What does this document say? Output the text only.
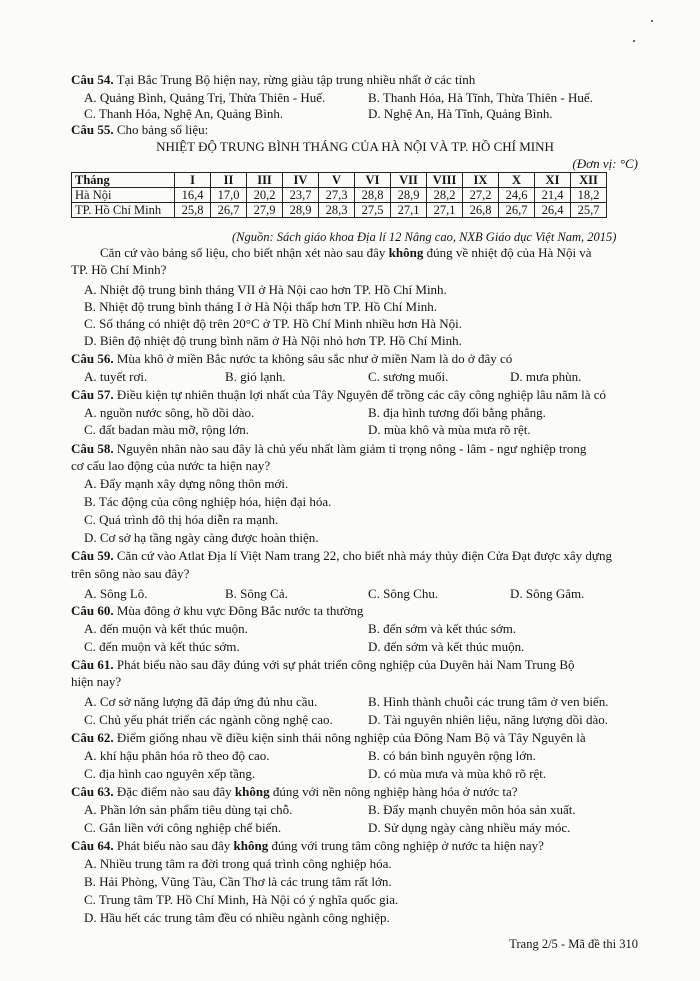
Câu 54. Tại Bắc Trung Bộ hiện nay, rừng giàu tập trung nhiều nhất ở các tỉnh
A. Quảng Bình, Quảng Trị, Thừa Thiên - Huế.	B. Thanh Hóa, Hà Tĩnh, Thừa Thiên - Huế.
C. Thanh Hóa, Nghệ An, Quảng Bình.	D. Nghệ An, Hà Tĩnh, Quảng Bình.
Câu 55. Cho bảng số liệu:
NHIỆT ĐỘ TRUNG BÌNH THÁNG CỦA HÀ NỘI VÀ TP. HỒ CHÍ MINH
(Đơn vị: °C)
Tháng	I	II	III	IV	V	VI	VII	VIII	IX	X	XI	XII
Hà Nội	16,4	17,0	20,2	23,7	27,3	28,8	28,9	28,2	27,2	24,6	21,4	18,2
TP. Hồ Chí Minh	25,8	26,7	27,9	28,9	28,3	27,5	27,1	27,1	26,8	26,7	26,4	25,7
(Nguồn: Sách giáo khoa Địa lí 12 Nâng cao, NXB Giáo dục Việt Nam, 2015)
Căn cứ vào bảng số liệu, cho biết nhận xét nào sau đây không đúng về nhiệt độ của Hà Nội và
TP. Hồ Chí Minh?
A. Nhiệt độ trung bình tháng VII ở Hà Nội cao hơn TP. Hồ Chí Minh.
B. Nhiệt độ trung bình tháng I ở Hà Nội thấp hơn TP. Hồ Chí Minh.
C. Số tháng có nhiệt độ trên 20°C ở TP. Hồ Chí Minh nhiều hơn Hà Nội.
D. Biên độ nhiệt độ trung bình năm ở Hà Nội nhỏ hơn TP. Hồ Chí Minh.
Câu 56. Mùa khô ở miền Bắc nước ta không sâu sắc như ở miền Nam là do ở đây có
A. tuyết rơi.	B. gió lạnh.	C. sương muối.	D. mưa phùn.
Câu 57. Điều kiện tự nhiên thuận lợi nhất của Tây Nguyên để trồng các cây công nghiệp lâu năm là có
A. nguồn nước sông, hồ dồi dào.	B. địa hình tương đối bằng phẳng.
C. đất badan màu mỡ, rộng lớn.	D. mùa khô và mùa mưa rõ rệt.
Câu 58. Nguyên nhân nào sau đây là chủ yếu nhất làm giảm tỉ trọng nông - lâm - ngư nghiệp trong
cơ cấu lao động của nước ta hiện nay?
A. Đẩy mạnh xây dựng nông thôn mới.
B. Tác động của công nghiệp hóa, hiện đại hóa.
C. Quá trình đô thị hóa diễn ra mạnh.
D. Cơ sở hạ tầng ngày càng được hoàn thiện.
Câu 59. Căn cứ vào Atlat Địa lí Việt Nam trang 22, cho biết nhà máy thủy điện Cửa Đạt được xây dựng
trên sông nào sau đây?
A. Sông Lô.	B. Sông Cả.	C. Sông Chu.	D. Sông Gâm.
Câu 60. Mùa đông ở khu vực Đông Bắc nước ta thường
A. đến muộn và kết thúc muộn.	B. đến sớm và kết thúc sớm.
C. đến muộn và kết thúc sớm.	D. đến sớm và kết thúc muộn.
Câu 61. Phát biểu nào sau đây đúng với sự phát triển công nghiệp của Duyên hải Nam Trung Bộ
hiện nay?
A. Cơ sở năng lượng đã đáp ứng đủ nhu cầu.	B. Hình thành chuỗi các trung tâm ở ven biển.
C. Chủ yếu phát triển các ngành công nghệ cao.	D. Tài nguyên nhiên liệu, năng lượng dồi dào.
Câu 62. Điểm giống nhau về điều kiện sinh thái nông nghiệp của Đông Nam Bộ và Tây Nguyên là
A. khí hậu phân hóa rõ theo độ cao.	B. có bán bình nguyên rộng lớn.
C. địa hình cao nguyên xếp tầng.	D. có mùa mưa và mùa khô rõ rệt.
Câu 63. Đặc điểm nào sau đây không đúng với nền nông nghiệp hàng hóa ở nước ta?
A. Phần lớn sản phẩm tiêu dùng tại chỗ.	B. Đẩy mạnh chuyên môn hóa sản xuất.
C. Gắn liền với công nghiệp chế biến.	D. Sử dụng ngày càng nhiều máy móc.
Câu 64. Phát biểu nào sau đây không đúng với trung tâm công nghiệp ở nước ta hiện nay?
A. Nhiều trung tâm ra đời trong quá trình công nghiệp hóa.
B. Hải Phòng, Vũng Tàu, Cần Thơ là các trung tâm rất lớn.
C. Trung tâm TP. Hồ Chí Minh, Hà Nội có ý nghĩa quốc gia.
D. Hầu hết các trung tâm đều có nhiều ngành công nghiệp.
Trang 2/5 - Mã đề thi 310
